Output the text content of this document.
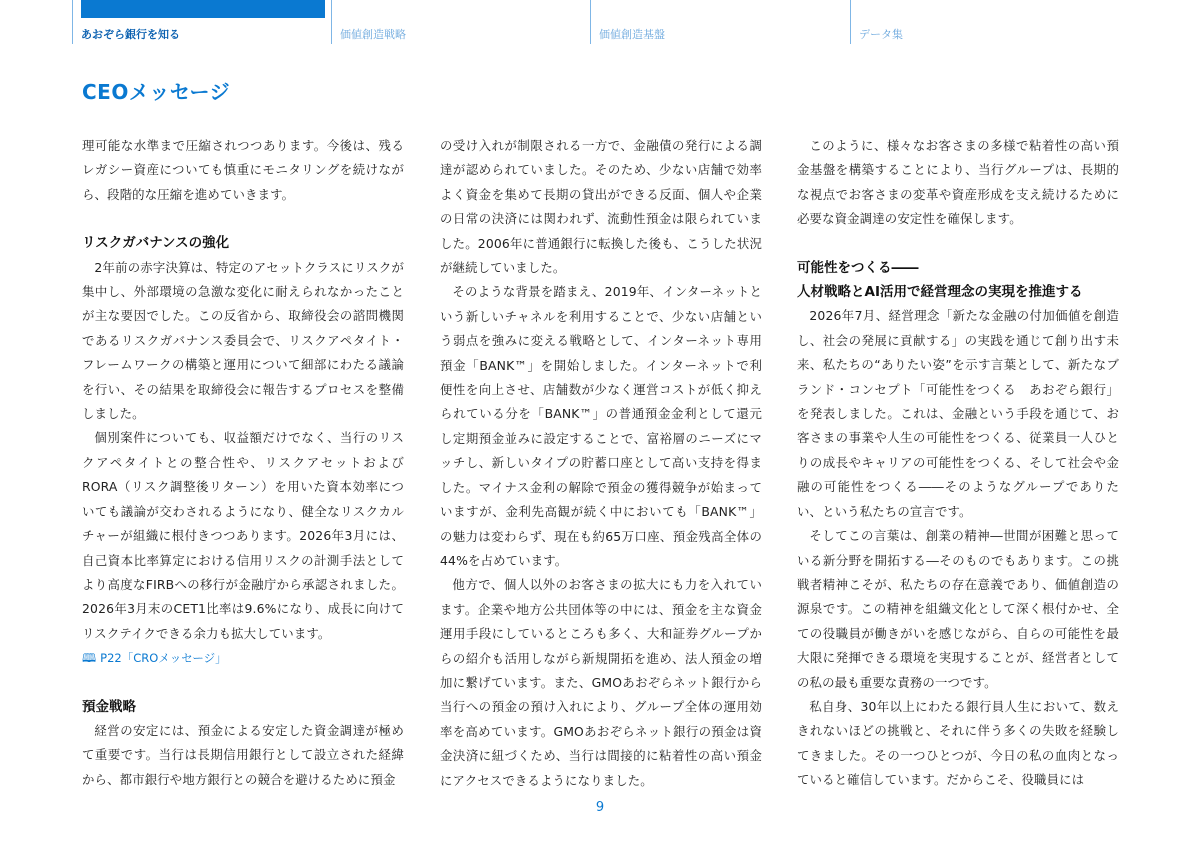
あおぞら銀行を知る	価値創造戦略	価値創造基盤	データ集
CEOメッセージ

理可能な水準まで圧縮されつつあります。今後は、残るレガシー資産についても慎重にモニタリングを続けながら、段階的な圧縮を進めていきます。

リスクガバナンスの強化

2年前の赤字決算は、特定のアセットクラスにリスクが集中し、外部環境の急激な変化に耐えられなかったことが主な要因でした。この反省から、取締役会の諮問機関であるリスクガバナンス委員会で、リスクアペタイト・フレームワークの構築と運用について細部にわたる議論を行い、その結果を取締役会に報告するプロセスを整備しました。

個別案件についても、収益額だけでなく、当行のリスクアペタイトとの整合性や、リスクアセットおよびRORA（リスク調整後リターン）を用いた資本効率についても議論が交わされるようになり、健全なリスクカルチャーが組織に根付きつつあります。2026年3月には、自己資本比率算定における信用リスクの計測手法としてより高度なFIRBへの移行が金融庁から承認されました。2026年3月末のCET1比率は9.6%になり、成長に向けてリスクテイクできる余力も拡大しています。

🕮 P22「CROメッセージ」
預金戦略

経営の安定には、預金による安定した資金調達が極めて重要です。当行は長期信用銀行として設立された経緯から、都市銀行や地方銀行との競合を避けるために預金

の受け入れが制限される一方で、金融債の発行による調達が認められていました。そのため、少ない店舗で効率よく資金を集めて長期の貸出ができる反面、個人や企業の日常の決済には関われず、流動性預金は限られていました。2006年に普通銀行に転換した後も、こうした状況が継続していました。

そのような背景を踏まえ、2019年、インターネットという新しいチャネルを利用することで、少ない店舗という弱点を強みに変える戦略として、インターネット専用預金「BANK™」を開始しました。インターネットで利便性を向上させ、店舗数が少なく運営コストが低く抑えられている分を「BANK™」の普通預金金利として還元し定期預金並みに設定することで、富裕層のニーズにマッチし、新しいタイプの貯蓄口座として高い支持を得ました。マイナス金利の解除で預金の獲得競争が始まっていますが、金利先高観が続く中においても「BANK™」の魅力は変わらず、現在も約65万口座、預金残高全体の44%を占めています。

他方で、個人以外のお客さまの拡大にも力を入れています。企業や地方公共団体等の中には、預金を主な資金運用手段にしているところも多く、大和証券グループからの紹介も活用しながら新規開拓を進め、法人預金の増加に繋げています。また、GMOあおぞらネット銀行から当行への預金の預け入れにより、グループ全体の運用効率を高めています。GMOあおぞらネット銀行の預金は資金決済に紐づくため、当行は間接的に粘着性の高い預金にアクセスできるようになりました。

このように、様々なお客さまの多様で粘着性の高い預金基盤を構築することにより、当行グループは、長期的な視点でお客さまの変革や資産形成を支え続けるために必要な資金調達の安定性を確保します。

可能性をつくる――
人材戦略とAI活用で経営理念の実現を推進する

2026年7月、経営理念「新たな金融の付加価値を創造し、社会の発展に貢献する」の実践を通じて創り出す未来、私たちの“ありたい姿”を示す言葉として、新たなブランド・コンセプト「可能性をつくる　あおぞら銀行」を発表しました。これは、金融という手段を通じて、お客さまの事業や人生の可能性をつくる、従業員一人ひとりの成長やキャリアの可能性をつくる、そして社会や金融の可能性をつくる――そのようなグループでありたい、という私たちの宣言です。

そしてこの言葉は、創業の精神―世間が困難と思っている新分野を開拓する―そのものでもあります。この挑戦者精神こそが、私たちの存在意義であり、価値創造の源泉です。この精神を組織文化として深く根付かせ、全ての役職員が働きがいを感じながら、自らの可能性を最大限に発揮できる環境を実現することが、経営者としての私の最も重要な責務の一つです。

私自身、30年以上にわたる銀行員人生において、数えきれないほどの挑戦と、それに伴う多くの失敗を経験してきました。その一つひとつが、今日の私の血肉となっていると確信しています。だからこそ、役職員には

9
